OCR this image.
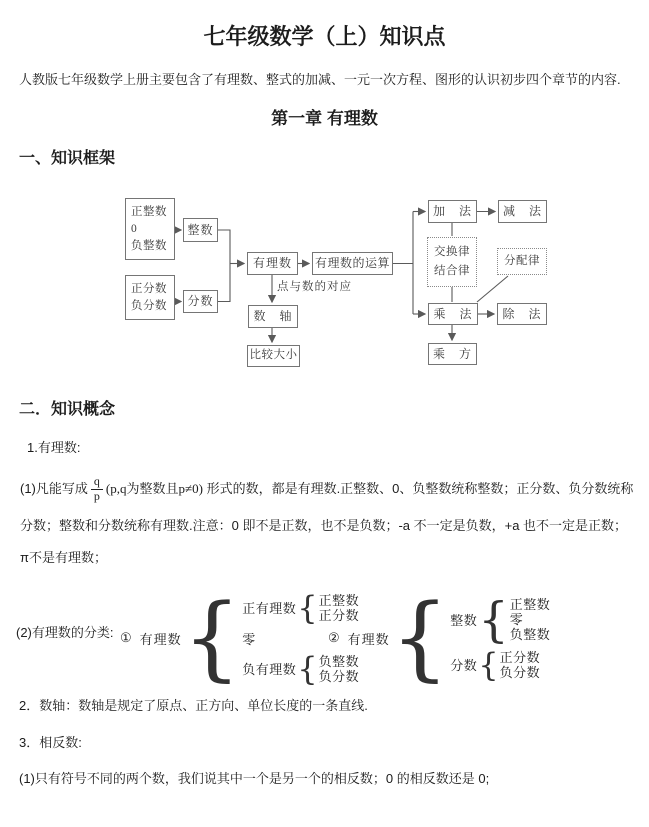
七年级数学（上）知识点

人教版七年级数学上册主要包含了有理数、整式的加减、一元一次方程、图形的认识初步四个章节的内容.

第一章 有理数
一、知识框架
正整数
0
负整数
整数
正分数
负分数	分数
有理数	有理数的运算
点与数的对应
数　轴
比较大小
加　法	减　法
交换律
结合律
分配律
乘　法	除　法
乘　方
二．知识概念

1.有理数:

(1)凡能写成 $\frac{q}{p} (p,q$为整数且p≠0) 形式的数，都是有理数.正整数、0、负整数统称整数；正分数、负分数统称分数；整数和分数统称有理数.注意：0 即不是正数，也不是负数；-a 不一定是负数，+a 也不一定是正数；

π不是有理数；

(2)有理数的分类: ① 有理数 { 正有理数 { 正整数
正分数
零
负有理数 { 负整数
负分数
② 有理数 { 整数 { 正整数
零
负整数
分数 { 正分数
负分数

2．数轴：数轴是规定了原点、正方向、单位长度的一条直线.

3．相反数:

(1)只有符号不同的两个数，我们说其中一个是另一个的相反数；0 的相反数还是 0;
